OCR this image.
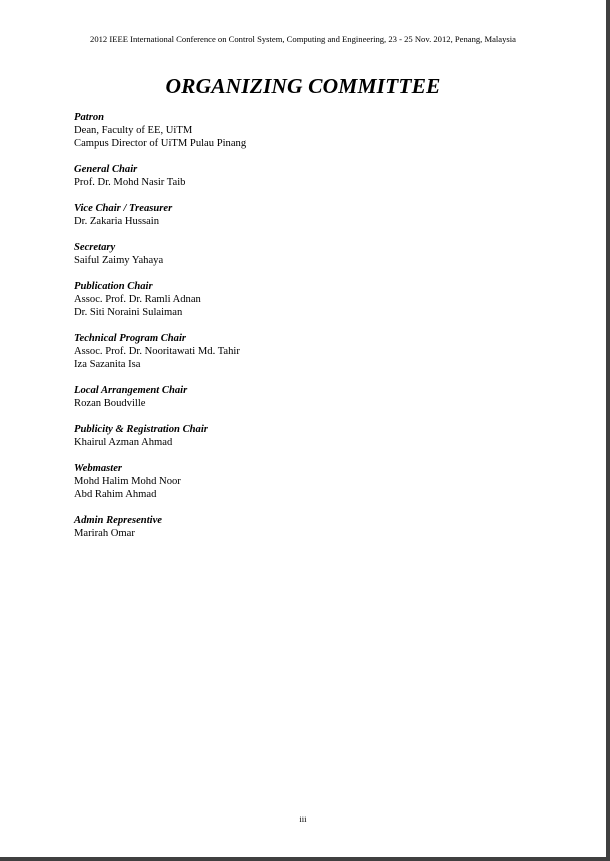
2012 IEEE International Conference on Control System, Computing and Engineering, 23 - 25 Nov. 2012, Penang, Malaysia
ORGANIZING COMMITTEE
Patron
Dean, Faculty of EE, UiTM
Campus Director of UiTM Pulau Pinang
General Chair
Prof. Dr. Mohd Nasir Taib
Vice Chair / Treasurer
Dr. Zakaria Hussain
Secretary
Saiful Zaimy Yahaya
Publication Chair
Assoc. Prof. Dr. Ramli Adnan
Dr. Siti Noraini Sulaiman
Technical Program Chair
Assoc. Prof. Dr. Nooritawati Md. Tahir
Iza Sazanita Isa
Local Arrangement Chair
Rozan Boudville
Publicity & Registration Chair
Khairul Azman Ahmad
Webmaster
Mohd Halim Mohd Noor
Abd Rahim Ahmad
Admin Representive
Marirah Omar
iii
